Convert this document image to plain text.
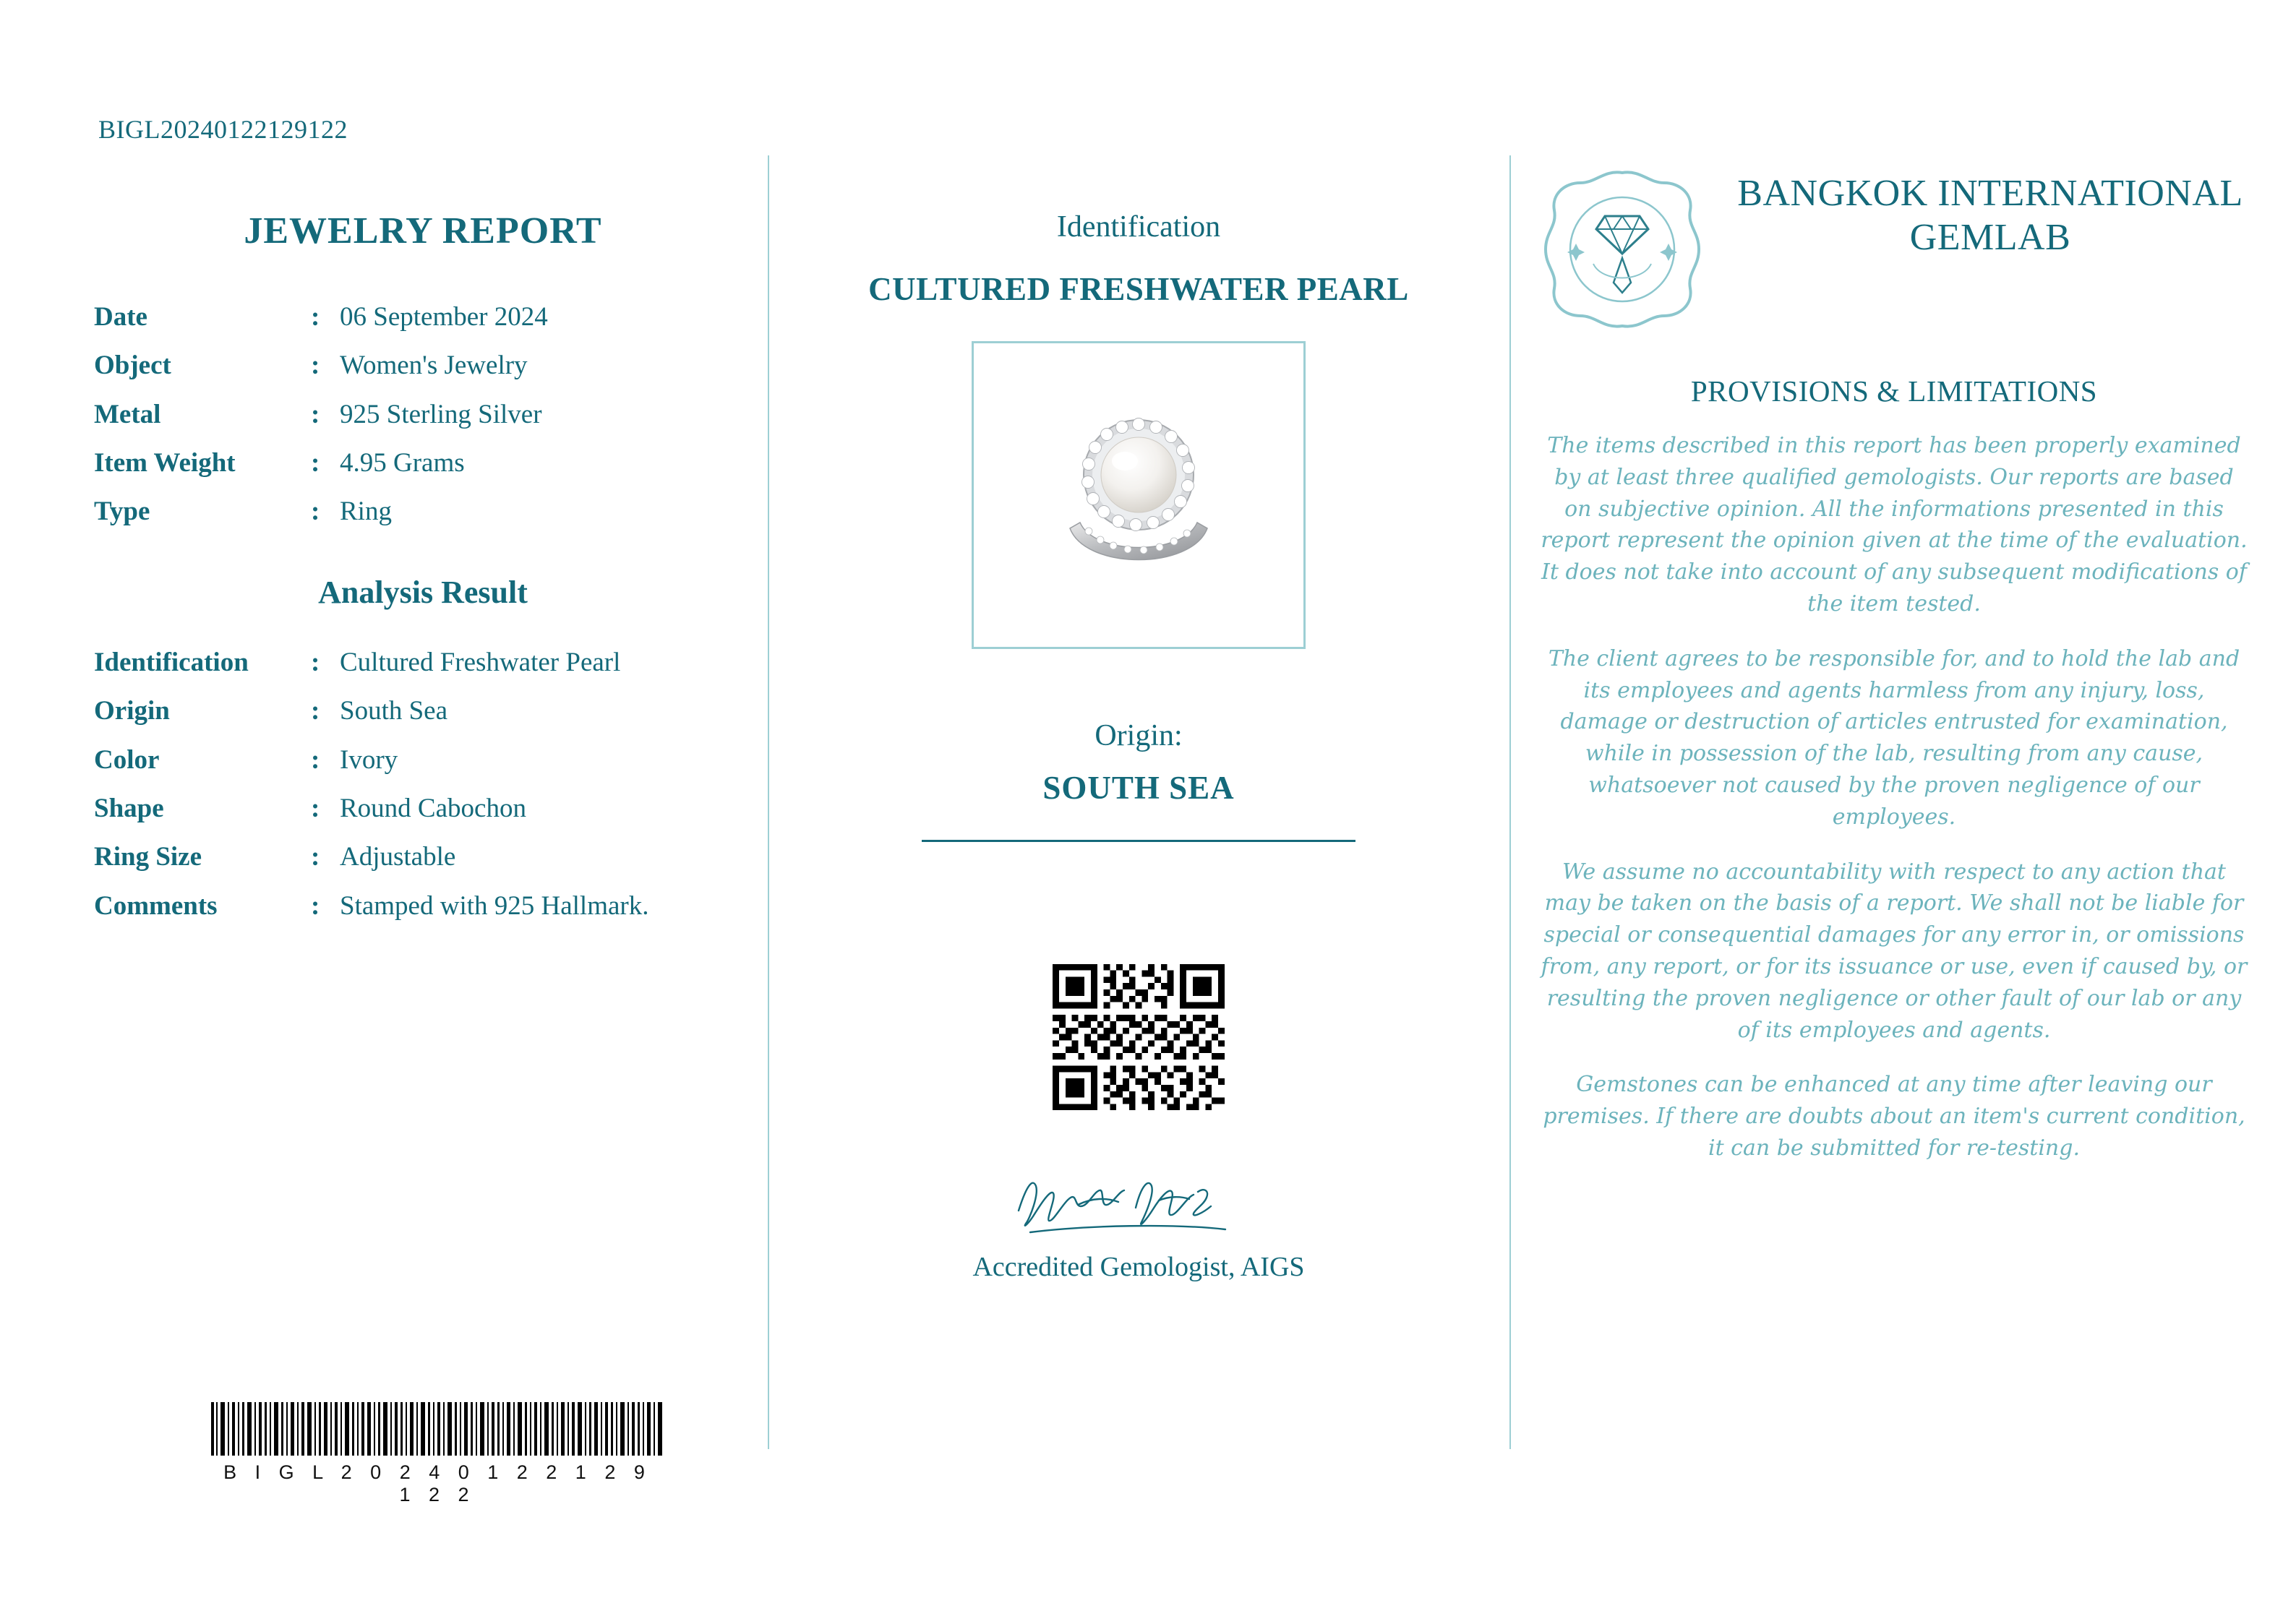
BIGL20240122129122
JEWELRY REPORT
Date	:	06 September 2024
Object	:	Women's Jewelry
Metal	:	925 Sterling Silver
Item Weight	:	4.95 Grams
Type	:	Ring
Analysis Result
Identification	:	Cultured Freshwater Pearl
Origin	:	South Sea
Color	:	Ivory
Shape	:	Round Cabochon
Ring Size	:	Adjustable
Comments	:	Stamped with 925 Hallmark.
B I G L 2 0 2 4 0 1 2 2 1 2 9 1 2 2
Identification
CULTURED FRESHWATER PEARL
Origin:
SOUTH SEA
Accredited Gemologist, AIGS
BANGKOK INTERNATIONAL GEMLAB
PROVISIONS & LIMITATIONS

The items described in this report has been properly examined by at least three qualified gemologists. Our reports are based on subjective opinion. All the informations presented in this report represent the opinion given at the time of the evaluation. It does not take into account of any subsequent modifications of the item tested.

The client agrees to be responsible for, and to hold the lab and its employees and agents harmless from any injury, loss, damage or destruction of articles entrusted for examination, while in possession of the lab, resulting from any cause, whatsoever not caused by the proven negligence of our employees.

We assume no accountability with respect to any action that may be taken on the basis of a report. We shall not be liable for special or consequential damages for any error in, or omissions from, any report, or for its issuance or use, even if caused by, or resulting the proven negligence or other fault of our lab or any of its employees and agents.

Gemstones can be enhanced at any time after leaving our premises. If there are doubts about an item's current condition, it can be submitted for re-testing.
